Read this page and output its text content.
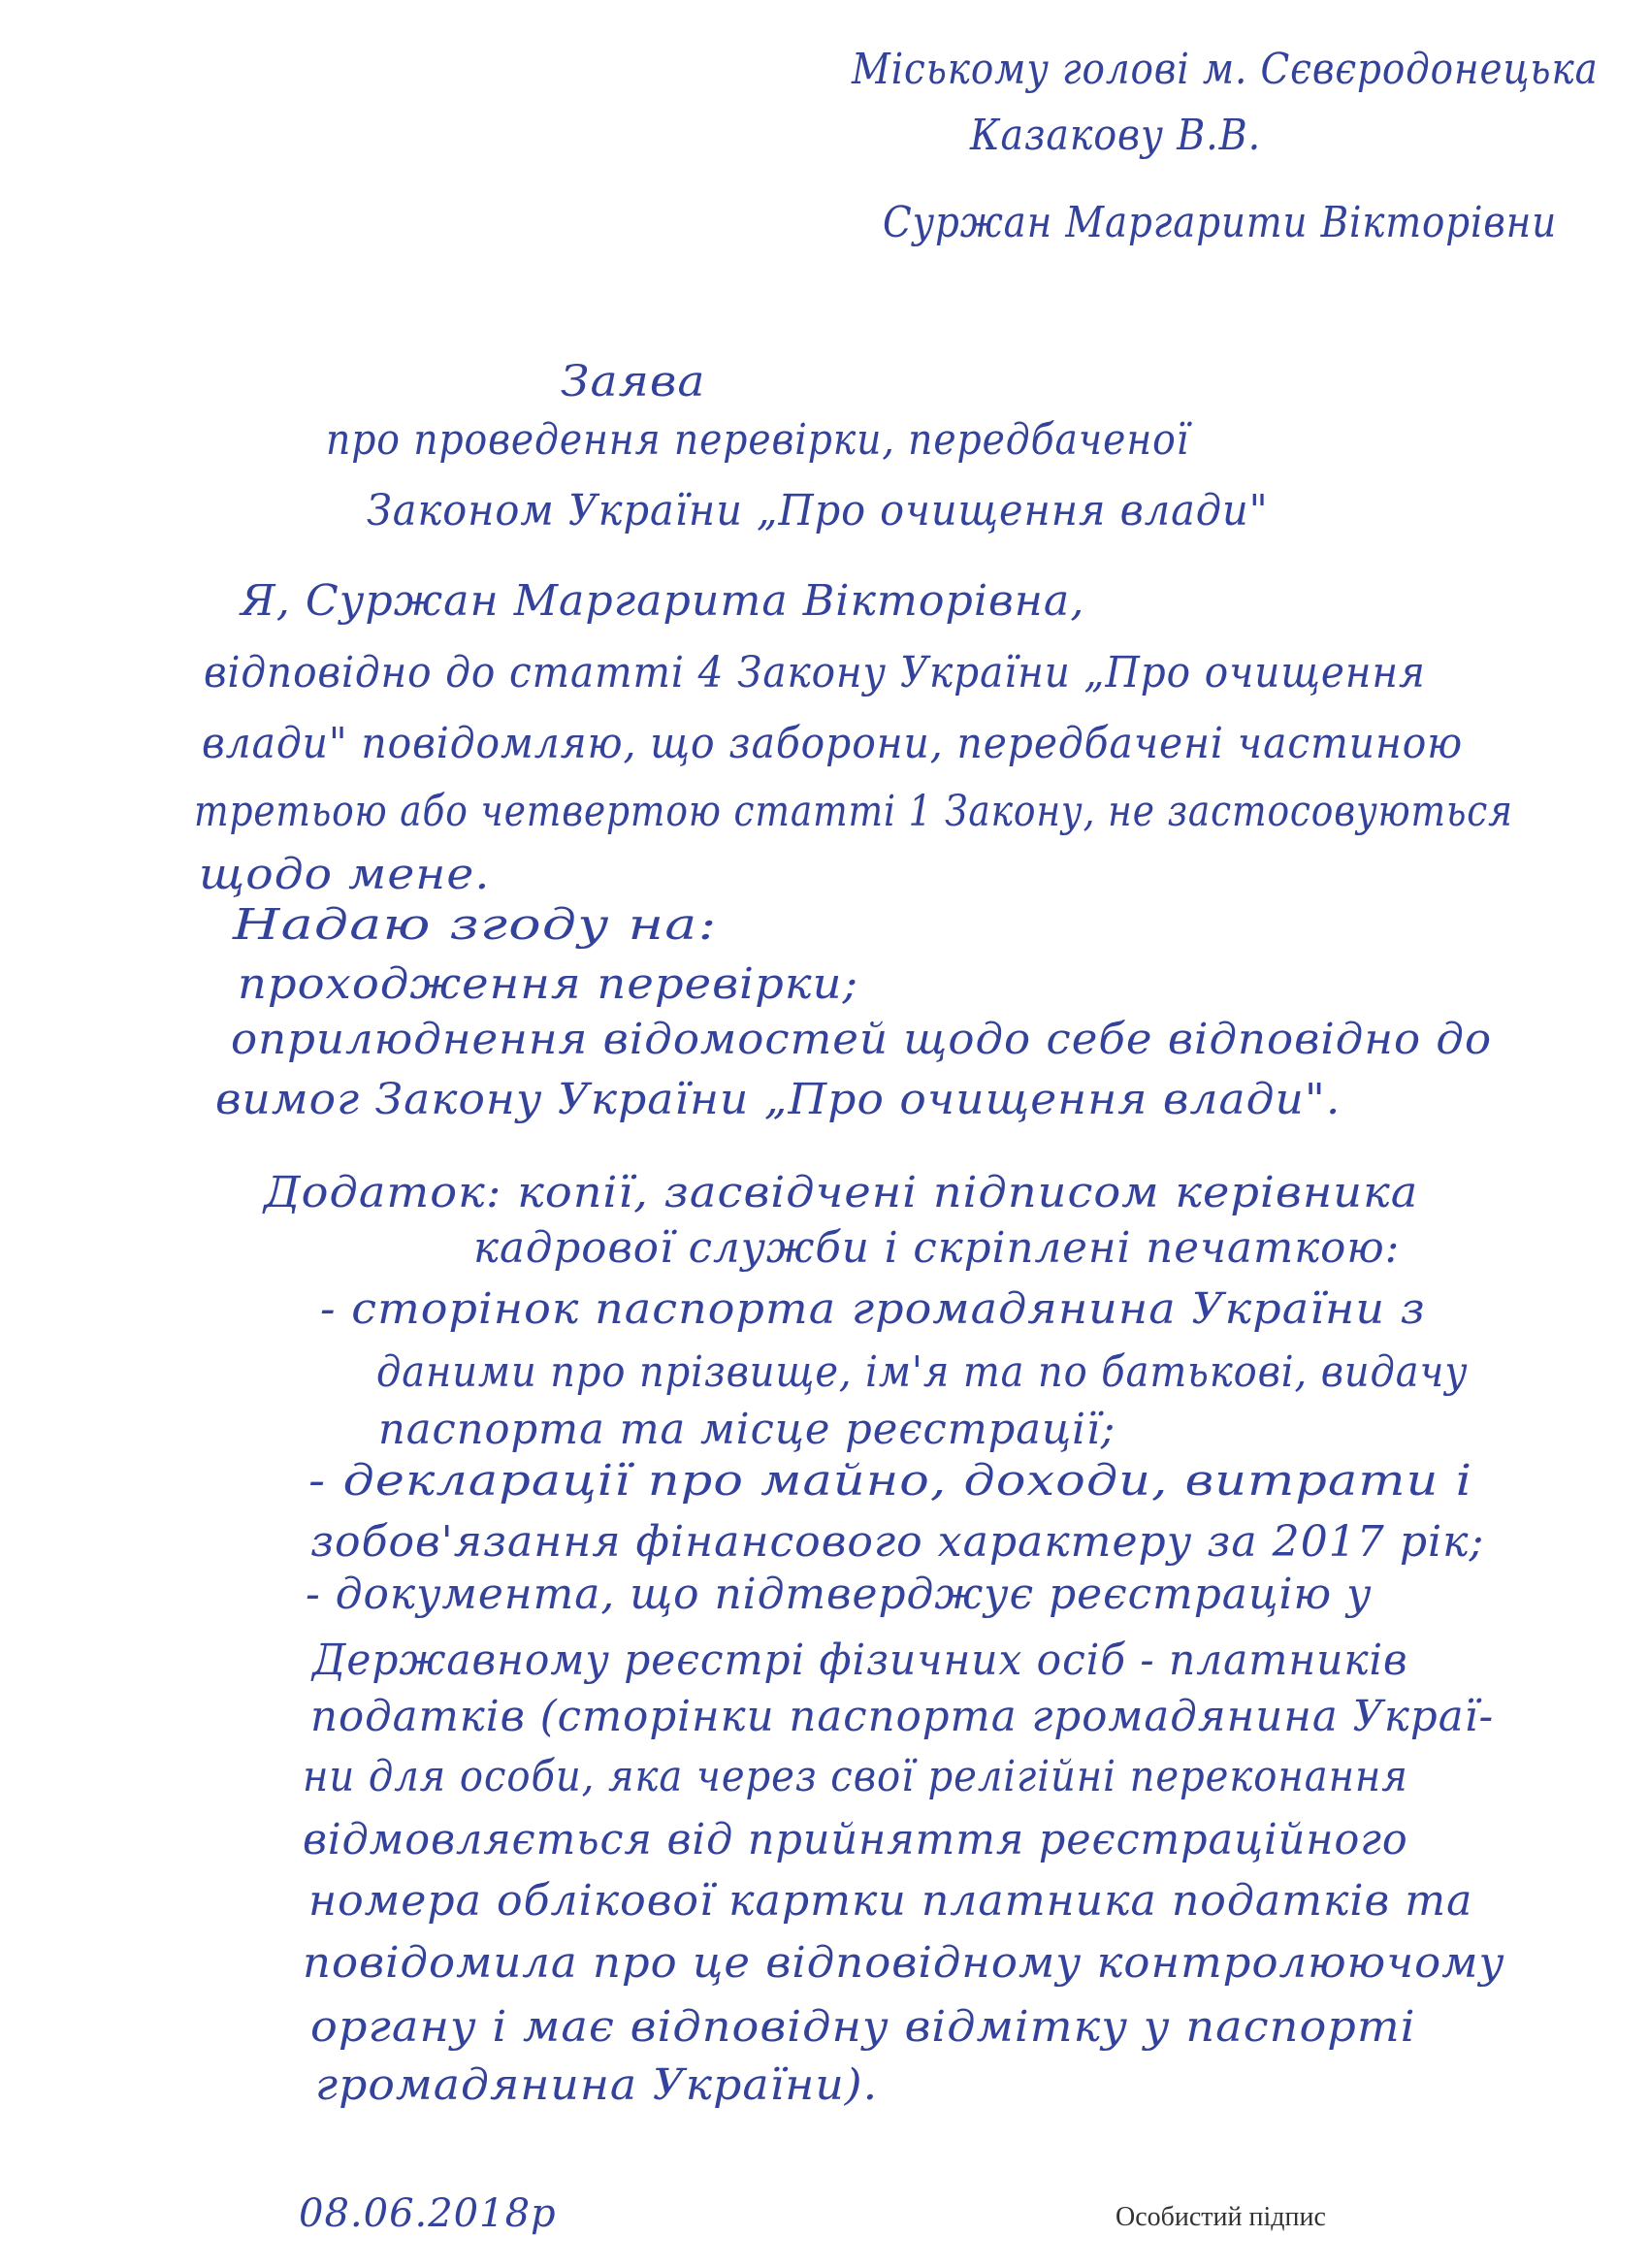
Міському голові м. Сєвєродонецька
Казакову В.В.
Суржан Маргарити Вікторівни
Заява
про проведення перевірки, передбаченої
Законом України „Про очищення влади"
Я, Суржан Маргарита Вікторівна,
відповідно до статті 4 Закону України „Про очищення
влади" повідомляю, що заборони, передбачені частиною
третьою або четвертою статті 1 Закону, не застосовуються
щодо мене.
Надаю згоду на:
проходження перевірки;
оприлюднення відомостей щодо себе відповідно до
вимог Закону України „Про очищення влади".
Додаток: копії, засвідчені підписом керівника
кадрової служби і скріплені печаткою:
- сторінок паспорта громадянина України з
даними про прізвище, ім'я та по батькові, видачу
паспорта та місце реєстрації;
- декларації про майно, доходи, витрати і
зобов'язання фінансового характеру за 2017 рік;
- документа, що підтверджує реєстрацію у
Державному реєстрі фізичних осіб - платників
податків (сторінки паспорта громадянина Украї-
ни для особи, яка через свої релігійні переконання
відмовляється від прийняття реєстраційного
номера облікової картки платника податків та
повідомила про це відповідному контролюючому
органу і має відповідну відмітку у паспорті
громадянина України).
08.06.2018р	Особистий підпис
